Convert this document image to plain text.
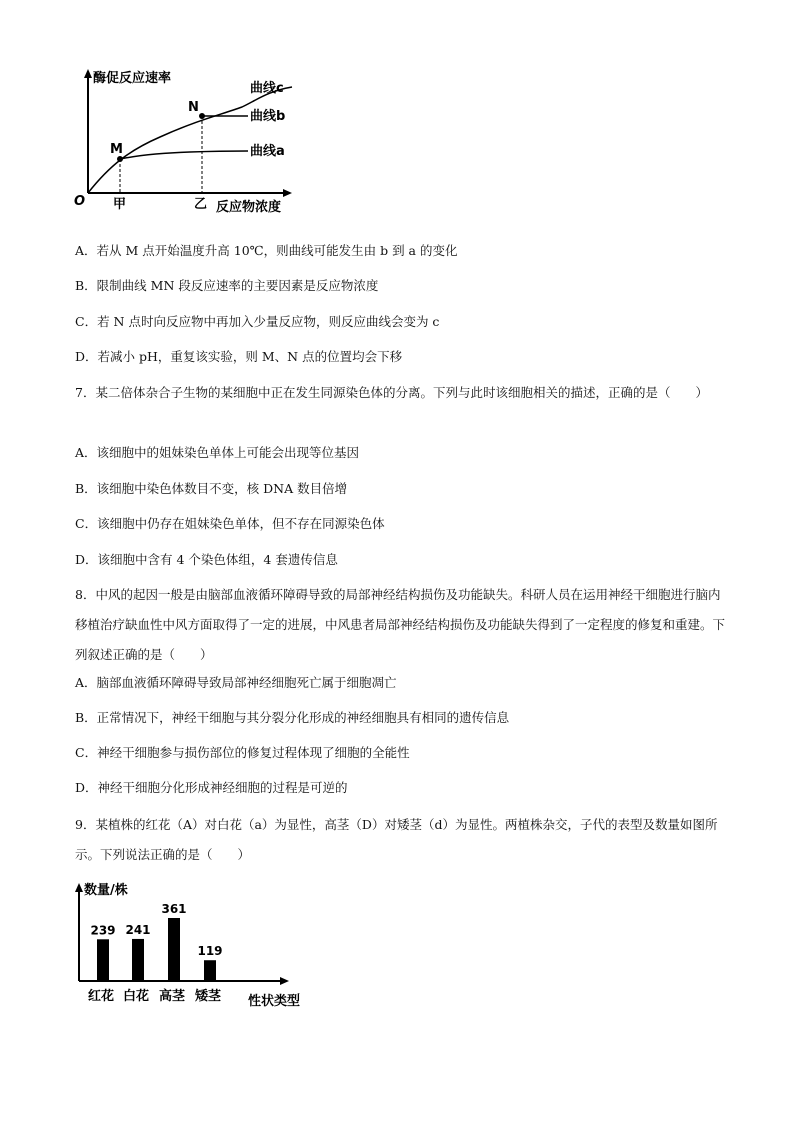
酶促反应速率
反应物浓度
O 甲	乙
M
N
曲线c
曲线b
曲线a
A．若从 M 点开始温度升高 10℃，则曲线可能发生由 b 到 a 的变化
B．限制曲线 MN 段反应速率的主要因素是反应物浓度
C．若 N 点时向反应物中再加入少量反应物，则反应曲线会变为 c
D．若减小 pH，重复该实验，则 M、N 点的位置均会下移
7．某二倍体杂合子生物的某细胞中正在发生同源染色体的分离。下列与此时该细胞相关的描述，正确的是（　　）
A．该细胞中的姐妹染色单体上可能会出现等位基因
B．该细胞中染色体数目不变，核 DNA 数目倍增
C．该细胞中仍存在姐妹染色单体，但不存在同源染色体
D．该细胞中含有 4 个染色体组，4 套遗传信息
8．中风的起因一般是由脑部血液循环障碍导致的局部神经结构损伤及功能缺失。科研人员在运用神经干细胞进行脑内移植治疗缺血性中风方面取得了一定的进展，中风患者局部神经结构损伤及功能缺失得到了一定程度的修复和重建。下列叙述正确的是（　　）
A．脑部血液循环障碍导致局部神经细胞死亡属于细胞凋亡
B．正常情况下，神经干细胞与其分裂分化形成的神经细胞具有相同的遗传信息
C．神经干细胞参与损伤部位的修复过程体现了细胞的全能性
D．神经干细胞分化形成神经细胞的过程是可逆的
9．某植株的红花（A）对白花（a）为显性，高茎（D）对矮茎（d）为显性。两植株杂交，子代的表型及数量如图所示。下列说法正确的是（　　）
数量/株
性状类型
239
红花
241
白花
361
高茎
119
矮茎
